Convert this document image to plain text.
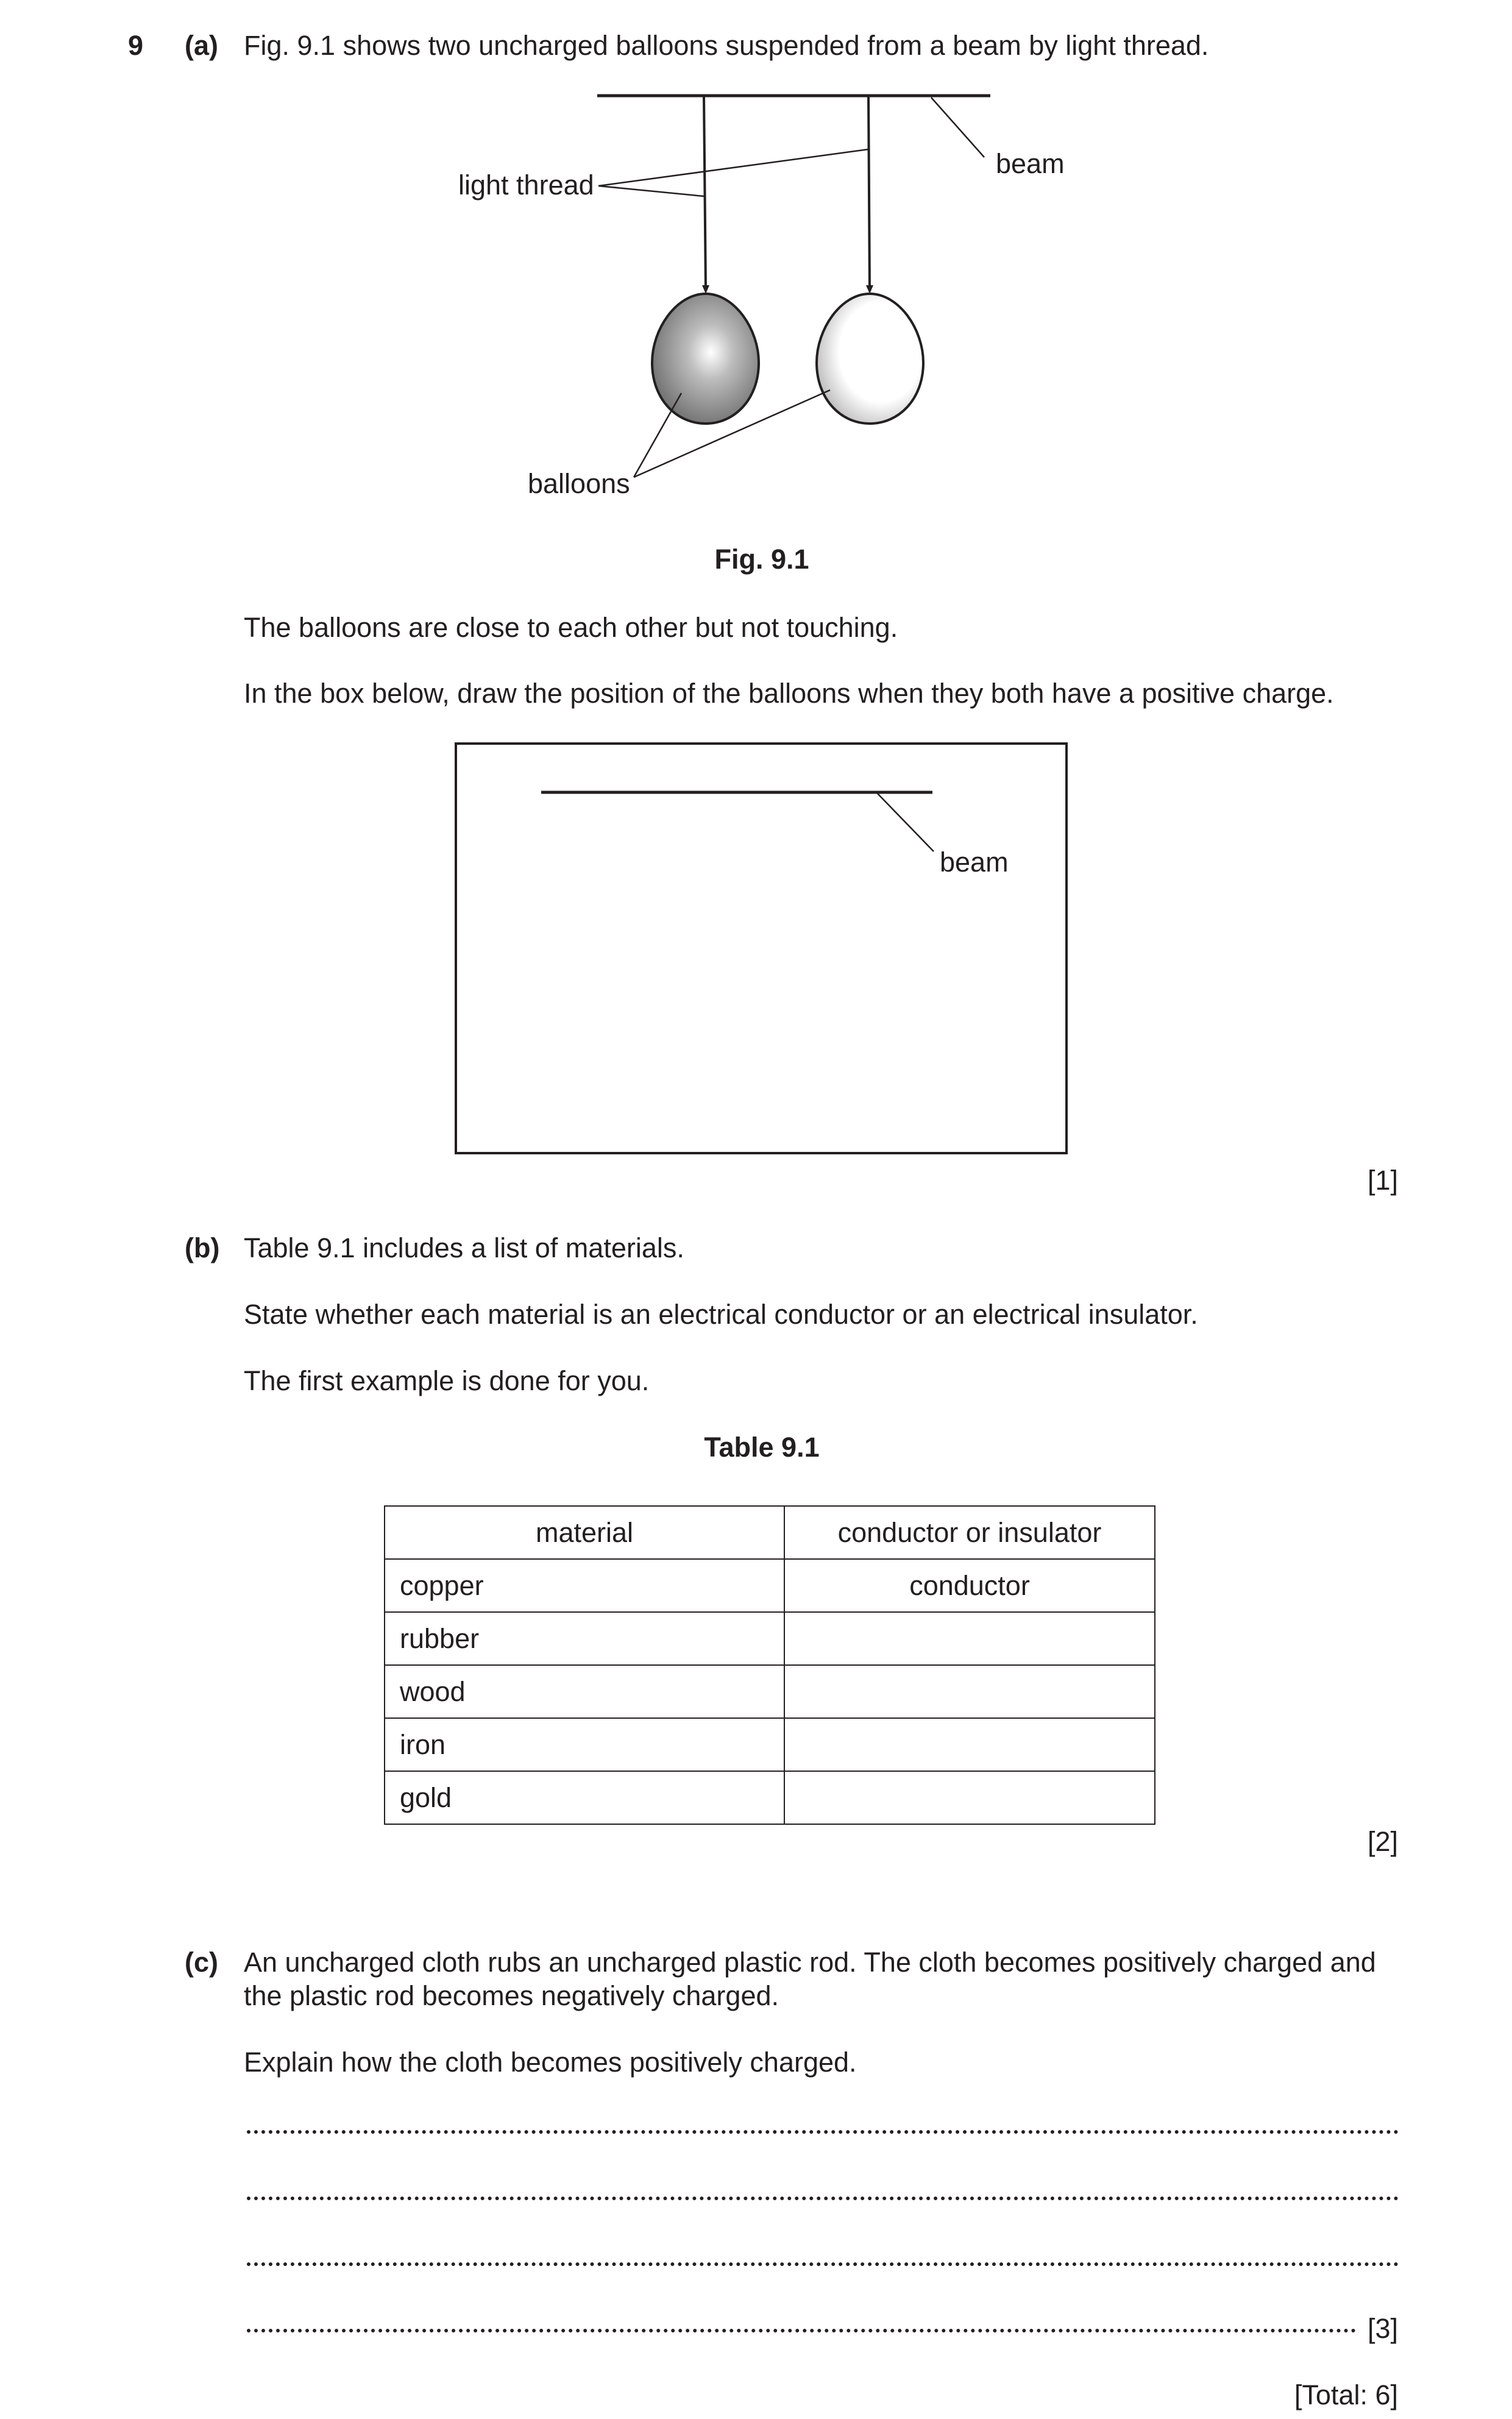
9 (a) Fig. 9.1 shows two uncharged balloons suspended from a beam by light thread.
light thread
beam
balloons
Fig. 9.1
The balloons are close to each other but not touching.
In the box below, draw the position of the balloons when they both have a positive charge.
beam
[1]
(b) Table 9.1 includes a list of materials.
State whether each material is an electrical conductor or an electrical insulator.
The first example is done for you.
Table 9.1
material	conductor or insulator
copper	conductor
rubber	
wood	
iron	
gold	
[2]
(c) An uncharged cloth rubs an uncharged plastic rod. The cloth becomes positively charged and
the plastic rod becomes negatively charged.
Explain how the cloth becomes positively charged.
[3]
[Total: 6]
